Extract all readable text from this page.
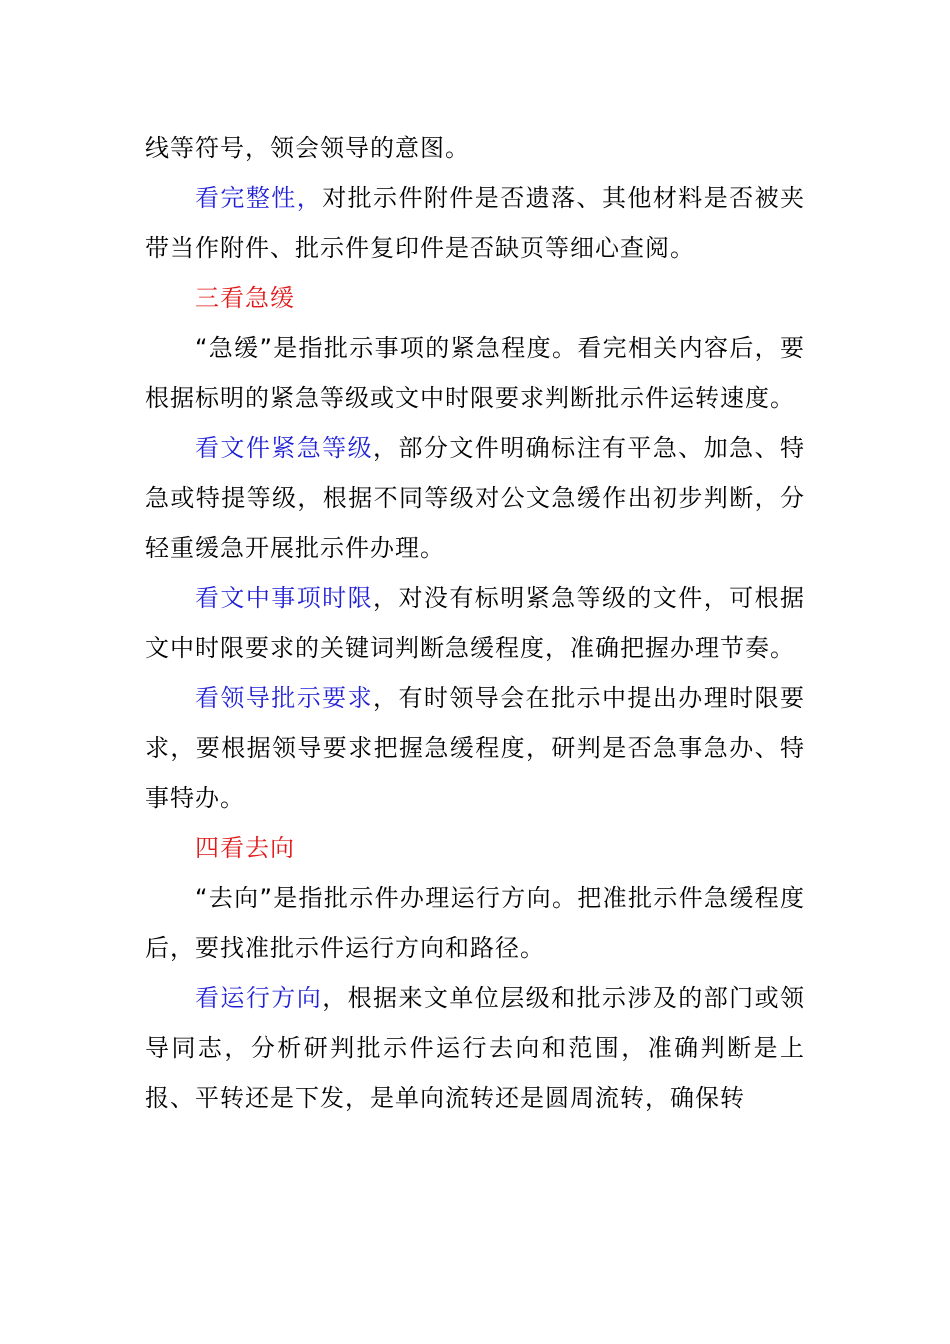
线等符号，领会领导的意图。

看完整性，对批示件附件是否遗落、其他材料是否被夹带当作附件、批示件复印件是否缺页等细心查阅。

三看急缓

“急缓”是指批示事项的紧急程度。看完相关内容后，要根据标明的紧急等级或文中时限要求判断批示件运转速度。

看文件紧急等级，部分文件明确标注有平急、加急、特急或特提等级，根据不同等级对公文急缓作出初步判断，分轻重缓急开展批示件办理。

看文中事项时限，对没有标明紧急等级的文件，可根据文中时限要求的关键词判断急缓程度，准确把握办理节奏。

看领导批示要求，有时领导会在批示中提出办理时限要求，要根据领导要求把握急缓程度，研判是否急事急办、特事特办。

四看去向

“去向”是指批示件办理运行方向。把准批示件急缓程度后，要找准批示件运行方向和路径。

看运行方向，根据来文单位层级和批示涉及的部门或领导同志，分析研判批示件运行去向和范围，准确判断是上报、平转还是下发，是单向流转还是圆周流转，确保转
